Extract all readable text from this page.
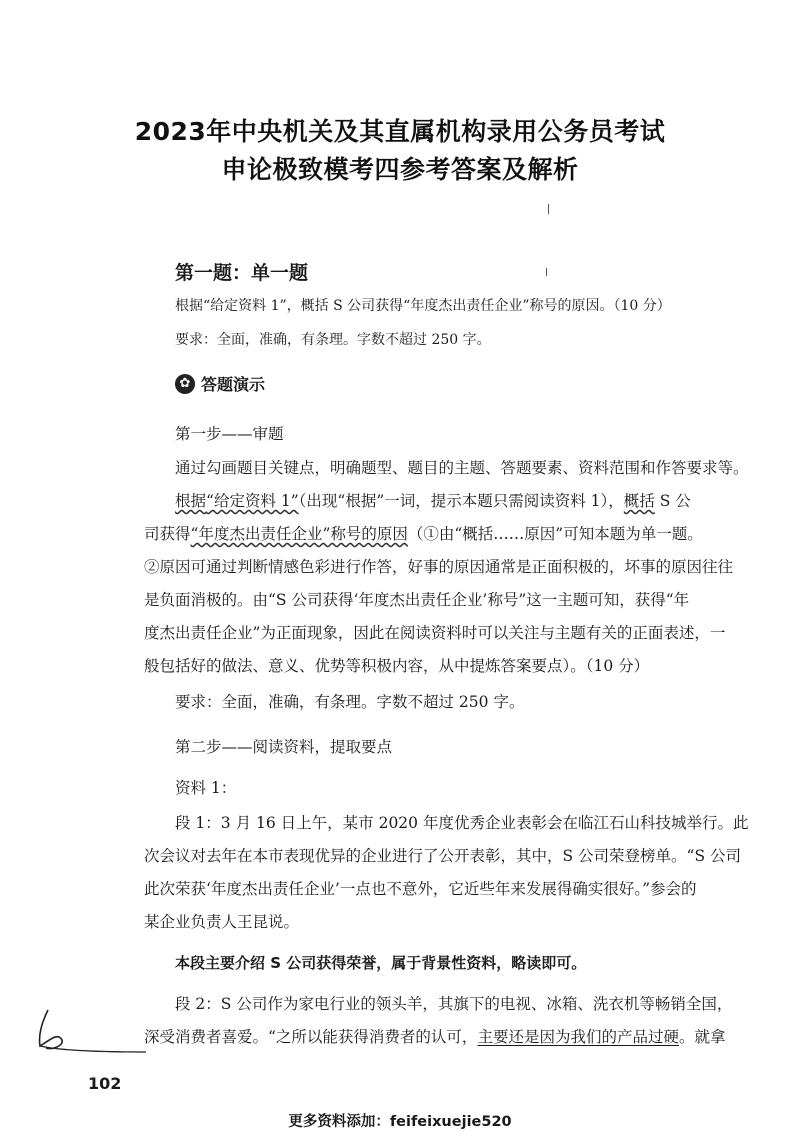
2023年中央机关及其直属机构录用公务员考试
申论极致模考四参考答案及解析
第一题：单一题
根据“给定资料 1”，概括 S 公司获得“年度杰出责任企业”称号的原因。（10 分）
要求：全面，准确，有条理。字数不超过 250 字。
✿ 答题演示
第一步——审题
通过勾画题目关键点，明确题型、题目的主题、答题要素、资料范围和作答要求等。
根据“给定资料 1”（出现“根据”一词，提示本题只需阅读资料 1），概括 S 公
司获得“年度杰出责任企业”称号的原因（①由“概括……原因”可知本题为单一题。
②原因可通过判断情感色彩进行作答，好事的原因通常是正面积极的，坏事的原因往往
是负面消极的。由“S 公司获得‘年度杰出责任企业’称号”这一主题可知，获得“年
度杰出责任企业”为正面现象，因此在阅读资料时可以关注与主题有关的正面表述，一
般包括好的做法、意义、优势等积极内容，从中提炼答案要点）。（10 分）
要求：全面，准确，有条理。字数不超过 250 字。
第二步——阅读资料，提取要点
资料 1：
段 1：3 月 16 日上午，某市 2020 年度优秀企业表彰会在临江石山科技城举行。此
次会议对去年在本市表现优异的企业进行了公开表彰，其中，S 公司荣登榜单。“S 公司
此次荣获‘年度杰出责任企业’一点也不意外，它近些年来发展得确实很好。”参会的
某企业负责人王昆说。
本段主要介绍 S 公司获得荣誉，属于背景性资料，略读即可。
段 2：S 公司作为家电行业的领头羊，其旗下的电视、冰箱、洗衣机等畅销全国，
深受消费者喜爱。“之所以能获得消费者的认可，主要还是因为我们的产品过硬。就拿
102
更多资料添加：feifeixuejie520
